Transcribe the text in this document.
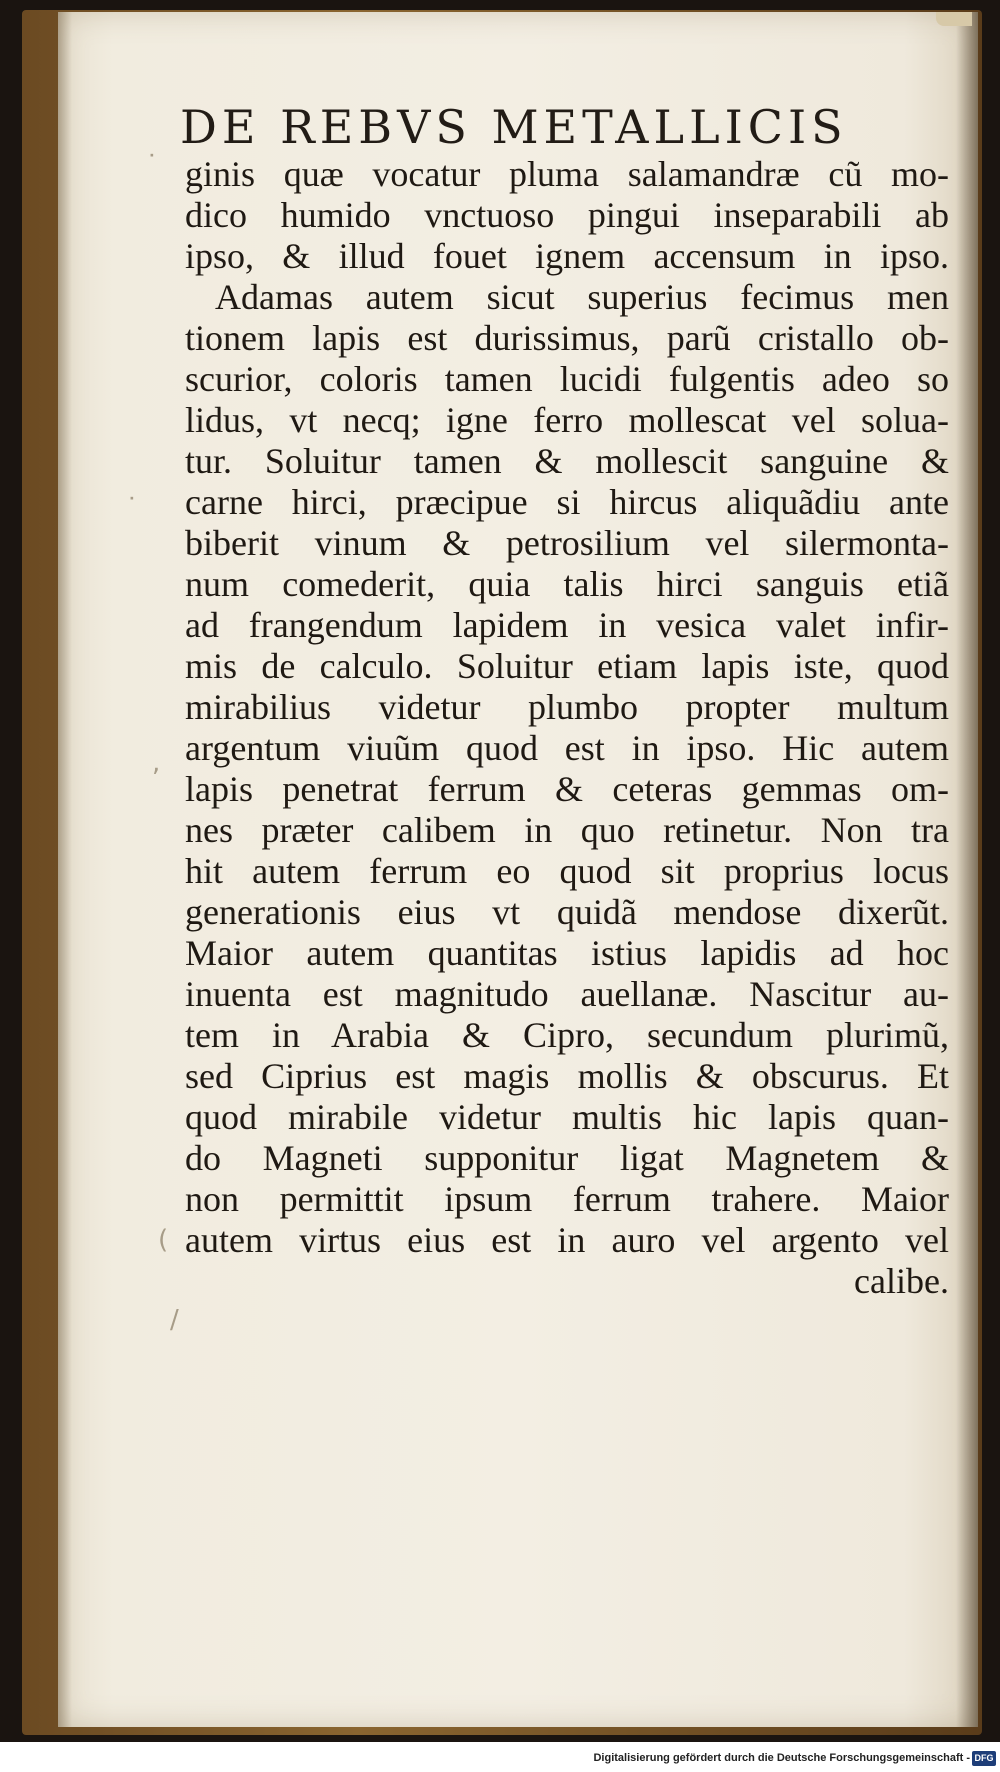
DE REBVS METALLICIS
ᐧ
ᐧ
,
(
/
ginis quæ vocatur pluma salamandræ cũ mo-
dico humido vnctuoso pingui inseparabili ab
ipso, & illud fouet ignem accensum in ipso.
Adamas autem sicut superius fecimus men
tionem lapis est durissimus, parũ cristallo ob-
scurior, coloris tamen lucidi fulgentis adeo so
lidus, vt necq; igne ferro mollescat vel solua-
tur. Soluitur tamen & mollescit sanguine &
carne hirci, præcipue si hircus aliquãdiu ante
biberit vinum & petrosilium vel silermonta-
num comederit, quia talis hirci sanguis etiã
ad frangendum lapidem in vesica valet infir-
mis de calculo. Soluitur etiam lapis iste, quod
mirabilius videtur plumbo propter multum
argentum viuũm quod est in ipso. Hic autem
lapis penetrat ferrum & ceteras gemmas om-
nes præter calibem in quo retinetur. Non tra
hit autem ferrum eo quod sit proprius locus
generationis eius vt quidã mendose dixerũt.
Maior autem quantitas istius lapidis ad hoc
inuenta est magnitudo auellanæ. Nascitur au-
tem in Arabia & Cipro, secundum plurimũ,
sed Ciprius est magis mollis & obscurus. Et
quod mirabile videtur multis hic lapis quan-
do Magneti supponitur ligat Magnetem &
non permittit ipsum ferrum trahere. Maior
autem virtus eius est in auro vel argento vel
calibe.
Digitalisierung gefördert durch die Deutsche Forschungsgemeinschaft - DFG
